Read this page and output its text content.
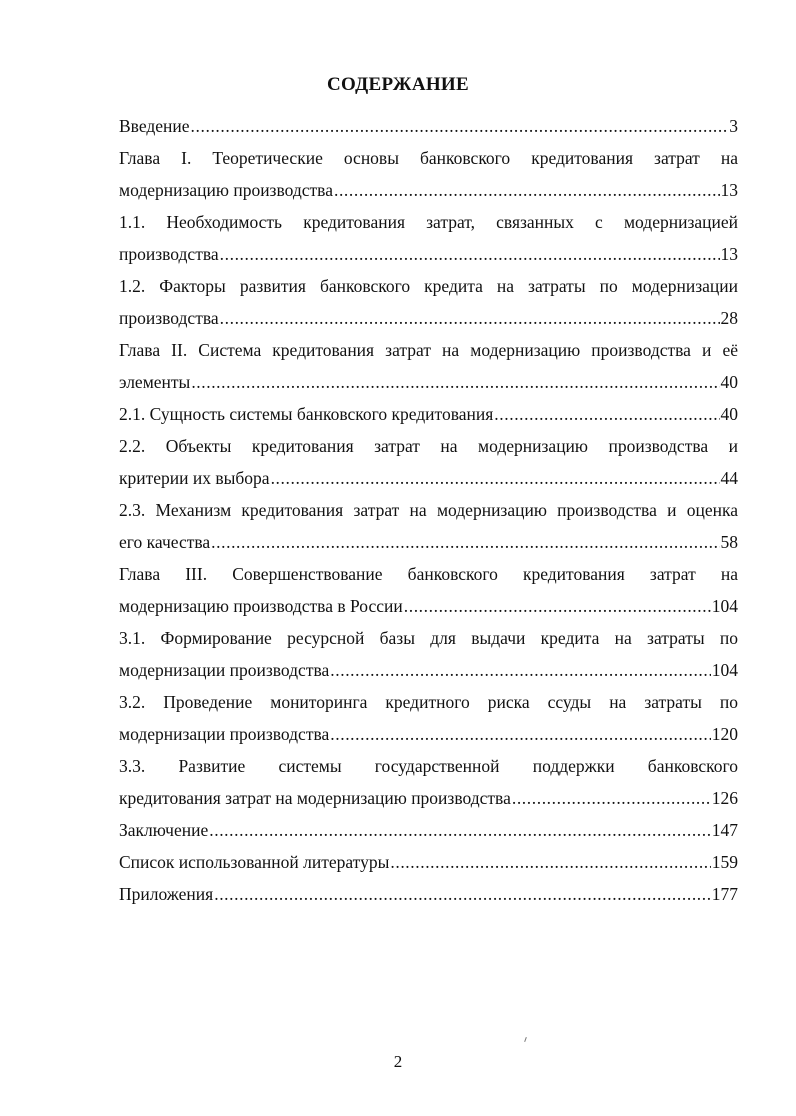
СОДЕРЖАНИЕ
Введение .....	3
Глава I. Теоретические основы банковского кредитования затрат на
модернизацию производства .....	13
1.1. Необходимость кредитования затрат, связанных с модернизацией
производства .....	13
1.2. Факторы развития банковского кредита на затраты по модернизации
производства .....	28
Глава II. Система кредитования затрат на модернизацию производства и её
элементы .....	40
2.1. Сущность системы банковского кредитования .....	40
2.2. Объекты кредитования затрат на модернизацию производства и
критерии их выбора .....	44
2.3. Механизм кредитования затрат на модернизацию производства и оценка
его качества .....	58
Глава III. Совершенствование банковского кредитования затрат на
модернизацию производства в России .....	104
3.1. Формирование ресурсной базы для выдачи кредита на затраты по
модернизации производства .....	104
3.2. Проведение мониторинга кредитного риска ссуды на затраты по
модернизации производства .....	120
3.3. Развитие системы государственной поддержки банковского
кредитования затрат на модернизацию производства .....	126
Заключение .....	147
Список использованной литературы .....	159
Приложения .....	177
2
